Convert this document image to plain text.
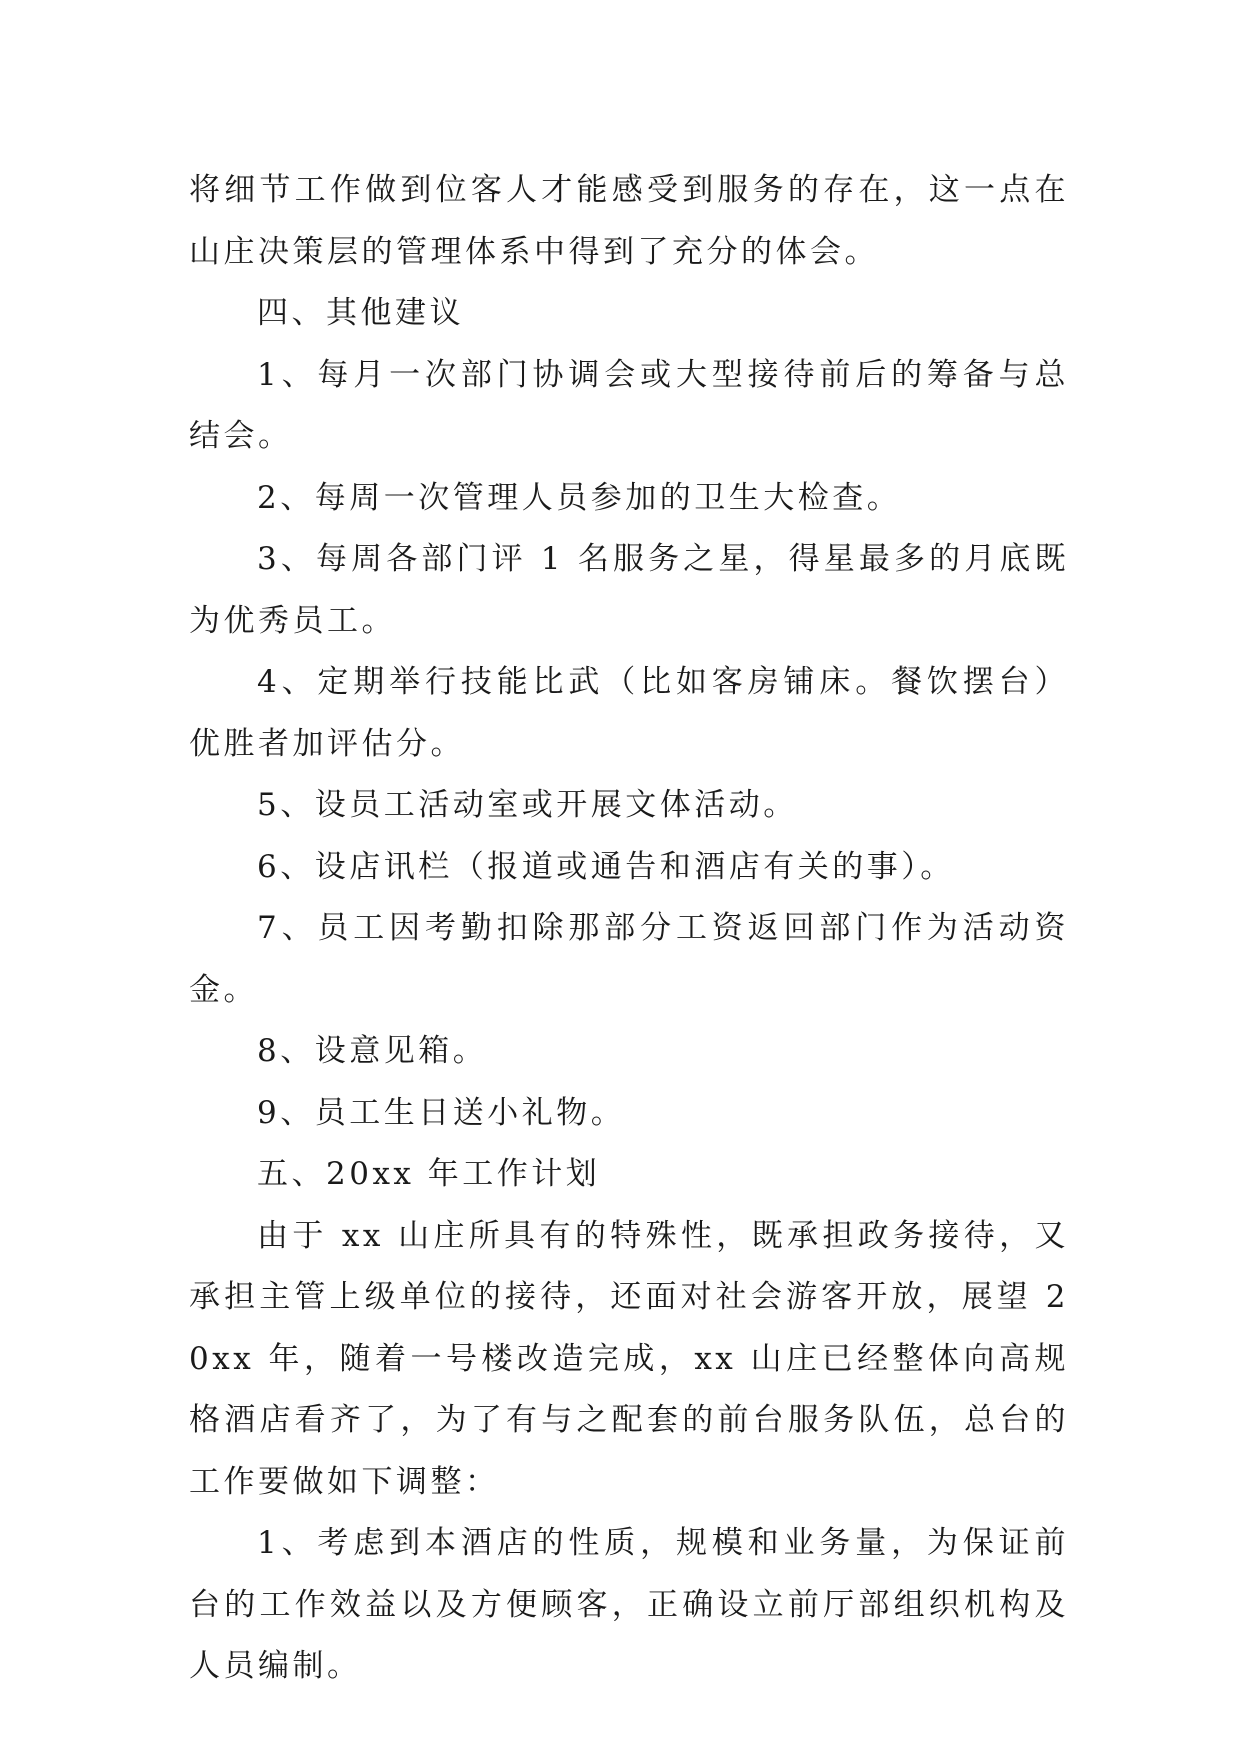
将细节工作做到位客人才能感受到服务的存在，这一点在山庄决策层的管理体系中得到了充分的体会。

四、其他建议

1、每月一次部门协调会或大型接待前后的筹备与总结会。

2、每周一次管理人员参加的卫生大检查。

3、每周各部门评 1 名服务之星，得星最多的月底既为优秀员工。

4、定期举行技能比武（比如客房铺床。餐饮摆台）优胜者加评估分。

5、设员工活动室或开展文体活动。

6、设店讯栏（报道或通告和酒店有关的事）。

7、员工因考勤扣除那部分工资返回部门作为活动资金。

8、设意见箱。

9、员工生日送小礼物。

五、20xx 年工作计划

由于 xx 山庄所具有的特殊性，既承担政务接待，又承担主管上级单位的接待，还面对社会游客开放，展望 20xx 年，随着一号楼改造完成，xx 山庄已经整体向高规格酒店看齐了，为了有与之配套的前台服务队伍，总台的工作要做如下调整：

1、考虑到本酒店的性质，规模和业务量，为保证前台的工作效益以及方便顾客，正确设立前厅部组织机构及人员编制。
